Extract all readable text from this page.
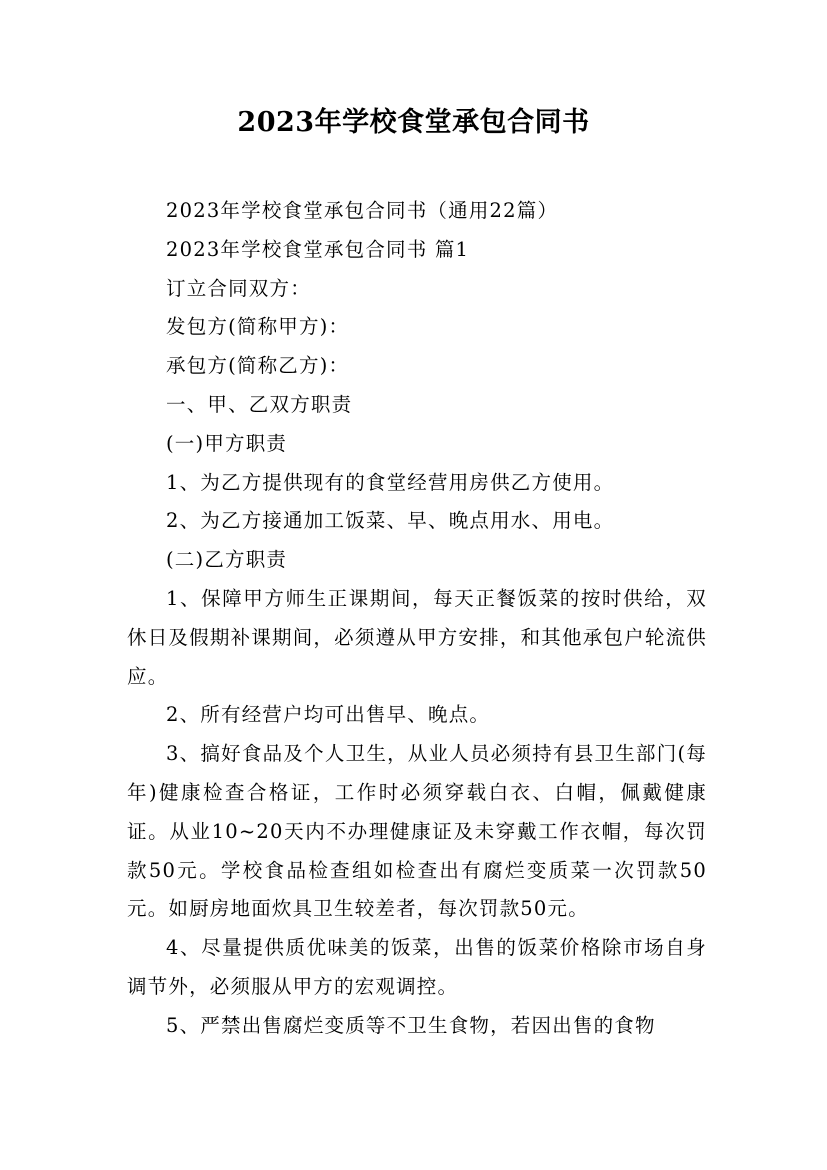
2023年学校食堂承包合同书

2023年学校食堂承包合同书（通用22篇）

2023年学校食堂承包合同书 篇1

订立合同双方：

发包方(简称甲方)：

承包方(简称乙方)：

一、甲、乙双方职责

(一)甲方职责

1、为乙方提供现有的食堂经营用房供乙方使用。

2、为乙方接通加工饭菜、早、晚点用水、用电。

(二)乙方职责

1、保障甲方师生正课期间，每天正餐饭菜的按时供给，双休日及假期补课期间，必须遵从甲方安排，和其他承包户轮流供应。

2、所有经营户均可出售早、晚点。

3、搞好食品及个人卫生，从业人员必须持有县卫生部门(每年)健康检查合格证，工作时必须穿载白衣、白帽，佩戴健康证。从业10~20天内不办理健康证及未穿戴工作衣帽，每次罚款50元。学校食品检查组如检查出有腐烂变质菜一次罚款50元。如厨房地面炊具卫生较差者，每次罚款50元。

4、尽量提供质优味美的饭菜，出售的饭菜价格除市场自身调节外，必须服从甲方的宏观调控。

5、严禁出售腐烂变质等不卫生食物，若因出售的食物
